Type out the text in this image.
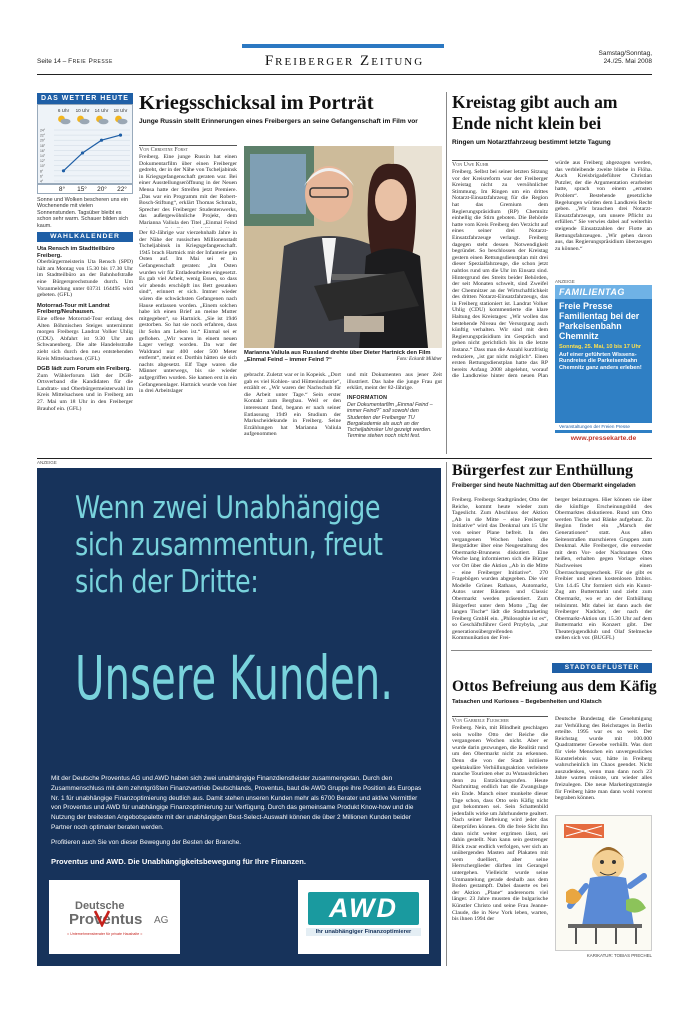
Seite 14 – Freie Presse	Freiberger Zeitung	Samstag/Sonntag,
24./25. Mai 2008
DAS WETTER HEUTE
6 Uhr 10 Uhr 14 Uhr 18 Uhr
24°
22°
20°
18°
16°
14°
12°
10°
8°
6°
4°
8°	15°	20°	22°
Sonne und Wolken bescheren uns ein Wochenende mit vielen Sonnenstunden. Tagsüber bleibt es schon sehr warm. Schauer bilden sich kaum.
WAHLKALENDER
Uta Rensch im Stadtteilbüro Freiberg.
Oberbürgermeisterin Uta Rensch (SPD) hält am Montag von 15.30 bis 17.30 Uhr im Stadtteilbüro an der Bahnhofstraße eine Bürgersprechstunde durch. Um Voranmeldung unter 03731 164495 wird gebeten. (GFL)
Motorrad-Tour mit Landrat Freiberg/Neuhausen.
Eine offene Motorrad-Tour entlang des Alten Böhmischen Steiges unternimmt morgen Freibergs Landrat Volker Uhlig (CDU). Abfahrt ist 9.30 Uhr am Schwanenberg. Die alte Handelsstraße zieht sich durch den neu entstehenden Kreis Mittelsachsen. (GFL)
DGB lädt zum Forum ein Freiberg.
Zum Wählerforum lädt der DGB-Ortsverband die Kandidaten für die Landrats- und Oberbürgermeisterwahl im Kreis Mittelsachsen und in Freiberg am 27. Mai um 18 Uhr in den Freiberger Brauhof ein. (GFL)
Kriegsschicksal im Porträt
Junge Russin stellt Erinnerungen eines Freibergers an seine Gefangenschaft im Film vor
Von Christine Forst
Freiberg. Eine junge Russin hat einen Dokumentarfilm über einen Freiberger gedreht, der in der Nähe von Tscheljabinsk in Kriegsgefangenschaft geraten war. Bei einer Ausstellungseröffnung in der Neuen Mensa hatte der Streifen jetzt Premiere. „Das war ein Programm mit der Robert-Bosch-Stiftung“, erklärt Thomas Schmalz, Sprecher des Freiberger Studentenwerks, das außergewöhnliche Projekt, dem Marianna Valiula den Titel „Einmal Feind
Der 82-Jährige war vierzehnhalb Jahre in der Nähe der russischen Millionenstadt Tscheljabinsk in Kriegsgefangenschaft. 1945 brach Hartnick mit der Infanterie gen Osten auf. Im Mai sei er in Gefangenschaft geraten: „Im Osten wurden wir für Entladearbeiten eingesetzt. Es gab viel Arbeit, wenig Essen, so dass wir abends erschöpft ins Bett gesunken sind“, erinnert er sich. Immer wieder wären die schwächsten Gefangenen nach Hause entlassen worden. „Einem solchen habe ich einen Brief an meine Mutter mitgegeben“, so Hartnick. „Sie ist 1946 gestorben. So hat sie noch erfahren, dass ihr Sohn am Leben ist.“ Einmal sei er geflohen. „Wir waren in einem neuen Lager verlegt worden. Da war der Waldrand nur 400 oder 500 Meter entfernt“, meint er. Dorthin hätten sie sich nachts abgesetzt. Elf Tage waren die Männer unterwegs, bis sie wieder aufgegriffen wurden. Sie kamen erst in ein Gefangenenlager. Hartnick wurde von hier in drei Arbeitslager
Marianna Valiula aus Russland drehte über Dieter Hartnick den Film „Einmal Feind – immer Feind ?“	Foto: Eckardt Mildner
gebracht. Zuletzt war er in Kopeisk. „Dort gab es viel Kohlen- und Hüttenindustrie“, erzählt er. „Wir waren der Nachschub für die Arbeit unter Tage.“ Sein erster Kontakt zum Bergbau. Weil er den interessant fand, begann er nach seiner Entlassung 1949 ein Studium der Markscheidekunde in Freiberg. Seine Erzählungen hat Marianna Valiula aufgenommen
und mit Dokumenten aus jener Zeit illustriert. Das habe die junge Frau gut erklärt, meint der 82-Jährige.
INFORMATION
Der Dokumentarfilm „Einmal Feind – immer Feind?“ soll sowohl den Studenten der Freiberger TU Bergakademie als auch an der Tscheljabinsker Uni gezeigt werden. Termine stehen noch nicht fest.
Kreistag gibt auch am Ende nicht klein bei
Ringen um Notarztfahrzeug bestimmt letzte Tagung
Von Uwe Kuhr
Freiberg. Selbst bei seiner letzten Sitzung vor der Kreisreform war der Freiberger Kreistag nicht zu versöhnlicher Stimmung. Im Ringen um ein drittes Notarzt-Einsatzfahrzeug für die Region hat das Gremium dem Regierungspräsidium (RP) Chemnitz einhellig die Stirn geboten. Die Behörde hatte vom Kreis Freiberg den Verzicht auf eines seiner drei Notarzt-Einsatzfahrzeuge verlangt. Freiberg dagegen steht dessen Notwendigkeit begründet. So beschlossen der Kreistag gestern einen Rettungsdienstplan mit drei dieser Spezialfahrzeuge, die schon jetzt nahtlos rund um die Uhr im Einsatz sind. Hintergrund des Streits beider Behörden, der seit Monaten schwelt, sind Zweifel der Chemnitzer an der Wirtschaftlichkeit des dritten Notarzt-Einsatzfahrzeugs, das in Freiberg stationiert ist. Landrat Volker Uhlig (CDU) kommentierte die klare Haltung des Kreistages: „Wir wollen das bestehende Niveau der Versorgung auch künftig verhalten. Wir sind mit dem Regierungspräsidium im Gespräch und gehen nicht gerichtlich bis in die letzte Instanz.“ Dass man die Anzahl kurzfristig reduziere, „ist gar nicht möglich“. Einen ersten Rettungsdienstplan hatte das RP bereits Anfang 2008 abgelehnt, worauf die Landkreise hinter dem neuen Plan
würde aus Freiberg abgezogen werden, das verbleibende zweite bliebe in Flöha. Auch Kreisbrigadeführer Christian Putzler, der die Argumentation erarbeitet hatte, sprach von einem „ernsten Problem“. Bestehende gesetzliche Regelungen würden dem Landkreis Recht geben. „Wir brauchen drei Notarzt-Einsatzfahrzeuge, um unsere Pflicht zu erfüllen.“ Sie verwies dabei auf weiterhin steigende Einsatzzahlen der Flotte an Rettungsfahrzeugen. „Wir gehen davon aus, das Regierungspräsidium überzeugen zu können.“
ANZEIGE
FAMILIENTAG
Freie Presse
Familientag bei der Parkeisenbahn Chemnitz
Sonntag, 25. Mai, 10 bis 17 Uhr
Auf einer geführten Wissens-Rundreise die Parkeisenbahn Chemnitz ganz anders erleben!
Veranstaltungen der Freien Presse
www.pressekarte.de
ANZEIGE
Wenn zwei Unabhängige sich zusammentun, freut sich der Dritte:
Unsere Kunden.
Mit der Deutsche Proventus AG und AWD haben sich zwei unabhängige Finanzdienstleister zusammengetan. Durch den Zusammenschluss mit dem zehntgrößten Finanzvertrieb Deutschlands, Proventus, baut die AWD Gruppe ihre Position als Europas Nr. 1 für unabhängige Finanzoptimierung deutlich aus. Damit stehen unseren Kunden mehr als 6700 Berater und aktive Vermittler von Proventus und AWD für unabhängige Finanzoptimierung zur Verfügung. Durch das gemeinsame Produkt Know-how und die Nutzung der breitesten Angebotspalette mit der unabhängigen Best-Select-Auswahl können die über 2 Millionen Kunden beider Partner noch optimaler beraten werden.
Profitieren auch Sie von dieser Bewegung der Besten der Branche.
Proventus und AWD. Die Unabhängigkeitsbewegung für Ihre Finanzen.
Deutsche
Proventus AG
= Unternehmensberater für private Haushalte =
AWD
Ihr unabhängiger Finanzoptimierer
Bürgerfest zur Enthüllung
Freiberger sind heute Nachmittag auf den Obermarkt eingeladen
Freiberg. Freibergs Stadtgründer, Otto der Reiche, kommt heute wieder zum Tageslicht. Zum Abschluss der Aktion „Ab in die Mitte – eine Freiberger Initiative“ wird das Denkmal um 15 Uhr von seiner Plane befreit. In den vergangenen Wochen haben die Bergstädter über eine Neugestaltung des Obermarkt-Brunnens diskutiert. Eine Woche lang informierten sich die Bürger vor Ort über die Aktion „Ab in die Mitte – eine Freiberger Initiative“. 270 Fragebögen wurden abgegeben. Die vier Modelle Grünes Rathaus, Automarkt, Autos unter Bäumen und Classic Obermarkt werden präsentiert. Zum Bürgerfest unter dem Motto „Tag der langen Tische“ lädt die Stadtmarketing Freiberg GmbH ein. „Philosophie ist es“, so Geschäftsführer Gerd Przybyla, „zur generationsübergreifenden Kommunikation der Frei-
berger beizutragen. Hier können sie über die künftige Erscheinungsbild des Obermarktes diskutieren. Rund um Otto werden Tische und Bänke aufgebaut. Zu Beginn findet ein „Marsch der Generationen“ statt. Aus allen Seitenstraßen marschieren Gruppen zum Denkmal. Alle Freiberger, die entweder mit dem Vor- oder Nachnamen Otto heißen, erhalten gegen Vorlage eines Nachweises einen Überraschungsgeschenk. Für sie gibt es Freibier und einen kostenlosen Imbiss. Um 14.45 Uhr formiert sich ein Kunst-Zug am Buttermarkt und zieht zum Obermarkt, wo er an der Enthüllung teilnimmt. Mit dabei ist dann auch der Freiberger Nadchor, der nach der Obermarkt-Aktion um 15.30 Uhr auf dem Buttermarkt ein Konzert gibt. Der Theaterjugendklub und Olaf Stelmecke stellen sich vor. (BUGFL)
STADTGEFLÜSTER
Ottos Befreiung aus dem Käfig
Tatsachen und Kurioses – Begebenheiten und Klatsch
Von Gabriele Fleischer
Freiberg. Nein, mit Blindheit geschlagen sein wollte Otto der Reiche die vergangenen Wochen nicht. Aber er wurde darin gezwungen, die Realität rund um den Obermarkt nicht zu erkennen. Denn die von der Stadt initiierte spektakuläre Verhüllungsaktion verleitete manche Touristen eher zu Wutausbrüchen denn zu Entzückungsrufen. Heute Nachmittag endlich hat die Zwangslage ein Ende. Manch einer munkelte dieser Tage schon, dass Otto sein Käfig nicht gut bekommen sei. Sein Schattenbild jedenfalls wirke um Jahrhunderte gealtert. Nach seiner Befreiung wird jeder das überprüfen können. Ob die freie Sicht ihn dann nicht weiter ergrimen lässt, sei dahin gestellt. Nun kann sein gestrenger Blick zwar endlich verfolgen, wer sich an unübergenden Masten auf Plakaten mit wem duelliert, aber seine Herrscherglieder dürften im Gerangel untergehen. Vielleicht wurde seine Ummantelung gerade deshalb aus dem Boden gestampft. Dabei dauerte es bei der Aktion „Plane“ anderenorts viel länger. 23 Jahre mussten die bulgarische Künstler Christo und seine Frau Jeanne-Claude, die in New York leben, warten, bis ihnen 1994 der
Deutsche Bundestag die Genehmigung zur Verhüllung des Reichstages in Berlin erteilte. 1995 war es so weit. Der Reichstag wurde mit 100.000 Quadratmeter Gewebe verhüllt. Was dort für viele Menschen ein unvergessliches Kunsterlebnis war, hätte in Freiberg wahrscheinlich im Chaos geendet. Nicht auszudenken, wenn man dann noch 23 Jahre warten müsste, um wieder alles freizulegen. Die neue Marketingstrategie für Freiberg hätte man dann wohl vorerst begraben können.
KARIKATUR: TOBIAS PRECHEL
